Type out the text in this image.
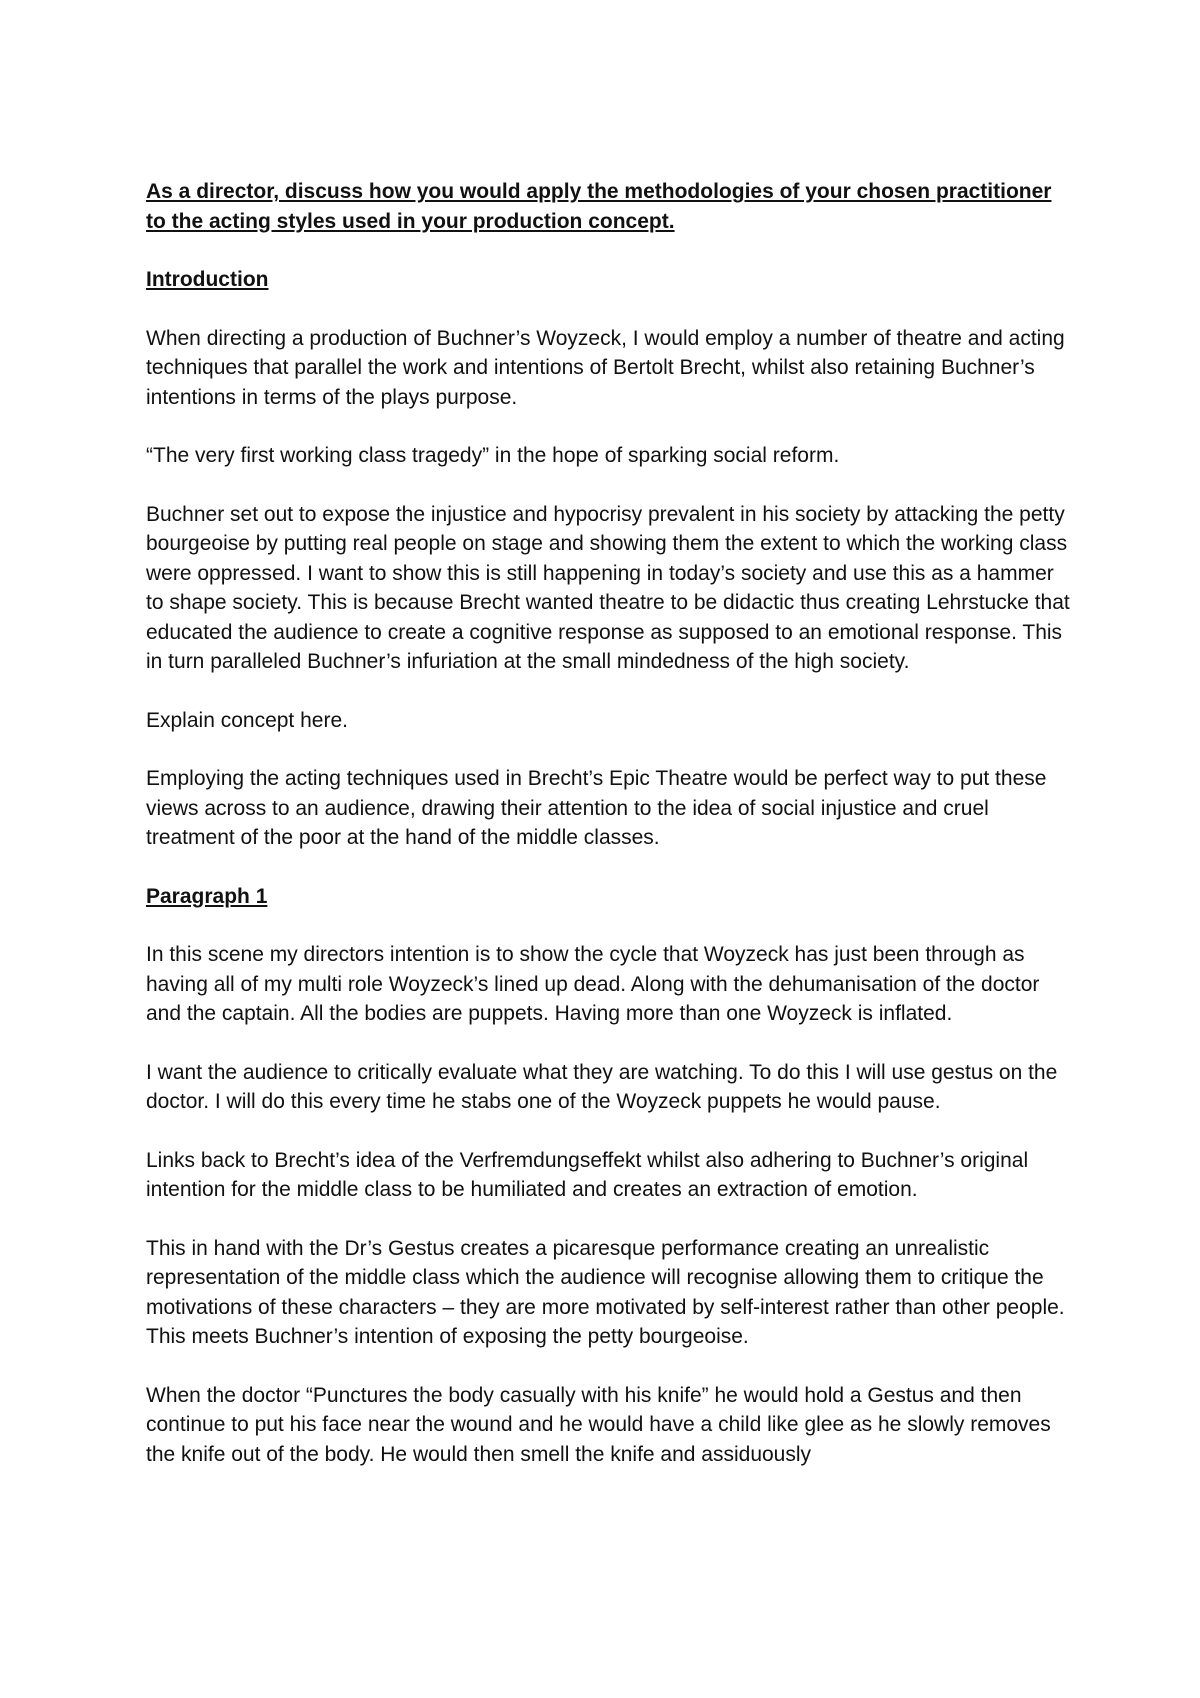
As a director, discuss how you would apply the methodologies of your chosen practitioner to the acting styles used in your production concept.

Introduction

When directing a production of Buchner’s Woyzeck, I would employ a number of theatre and acting techniques that parallel the work and intentions of Bertolt Brecht, whilst also retaining Buchner’s intentions in terms of the plays purpose.

“The very first working class tragedy” in the hope of sparking social reform.

Buchner set out to expose the injustice and hypocrisy prevalent in his society by attacking the petty bourgeoise by putting real people on stage and showing them the extent to which the working class were oppressed. I want to show this is still happening in today’s society and use this as a hammer to shape society. This is because Brecht wanted theatre to be didactic thus creating Lehrstucke that educated the audience to create a cognitive response as supposed to an emotional response. This in turn paralleled Buchner’s infuriation at the small mindedness of the high society.

Explain concept here.

Employing the acting techniques used in Brecht’s Epic Theatre would be perfect way to put these views across to an audience, drawing their attention to the idea of social injustice and cruel treatment of the poor at the hand of the middle classes.

Paragraph 1

In this scene my directors intention is to show the cycle that Woyzeck has just been through as having all of my multi role Woyzeck’s lined up dead. Along with the dehumanisation of the doctor and the captain. All the bodies are puppets. Having more than one Woyzeck is inflated.

I want the audience to critically evaluate what they are watching. To do this I will use gestus on the doctor. I will do this every time he stabs one of the Woyzeck puppets he would pause.

Links back to Brecht’s idea of the Verfremdungseffekt whilst also adhering to Buchner’s original intention for the middle class to be humiliated and creates an extraction of emotion.

This in hand with the Dr’s Gestus creates a picaresque performance creating an unrealistic representation of the middle class which the audience will recognise allowing them to critique the motivations of these characters – they are more motivated by self-interest rather than other people. This meets Buchner’s intention of exposing the petty bourgeoise.

When the doctor “Punctures the body casually with his knife” he would hold a Gestus and then continue to put his face near the wound and he would have a child like glee as he slowly removes the knife out of the body. He would then smell the knife and assiduously
